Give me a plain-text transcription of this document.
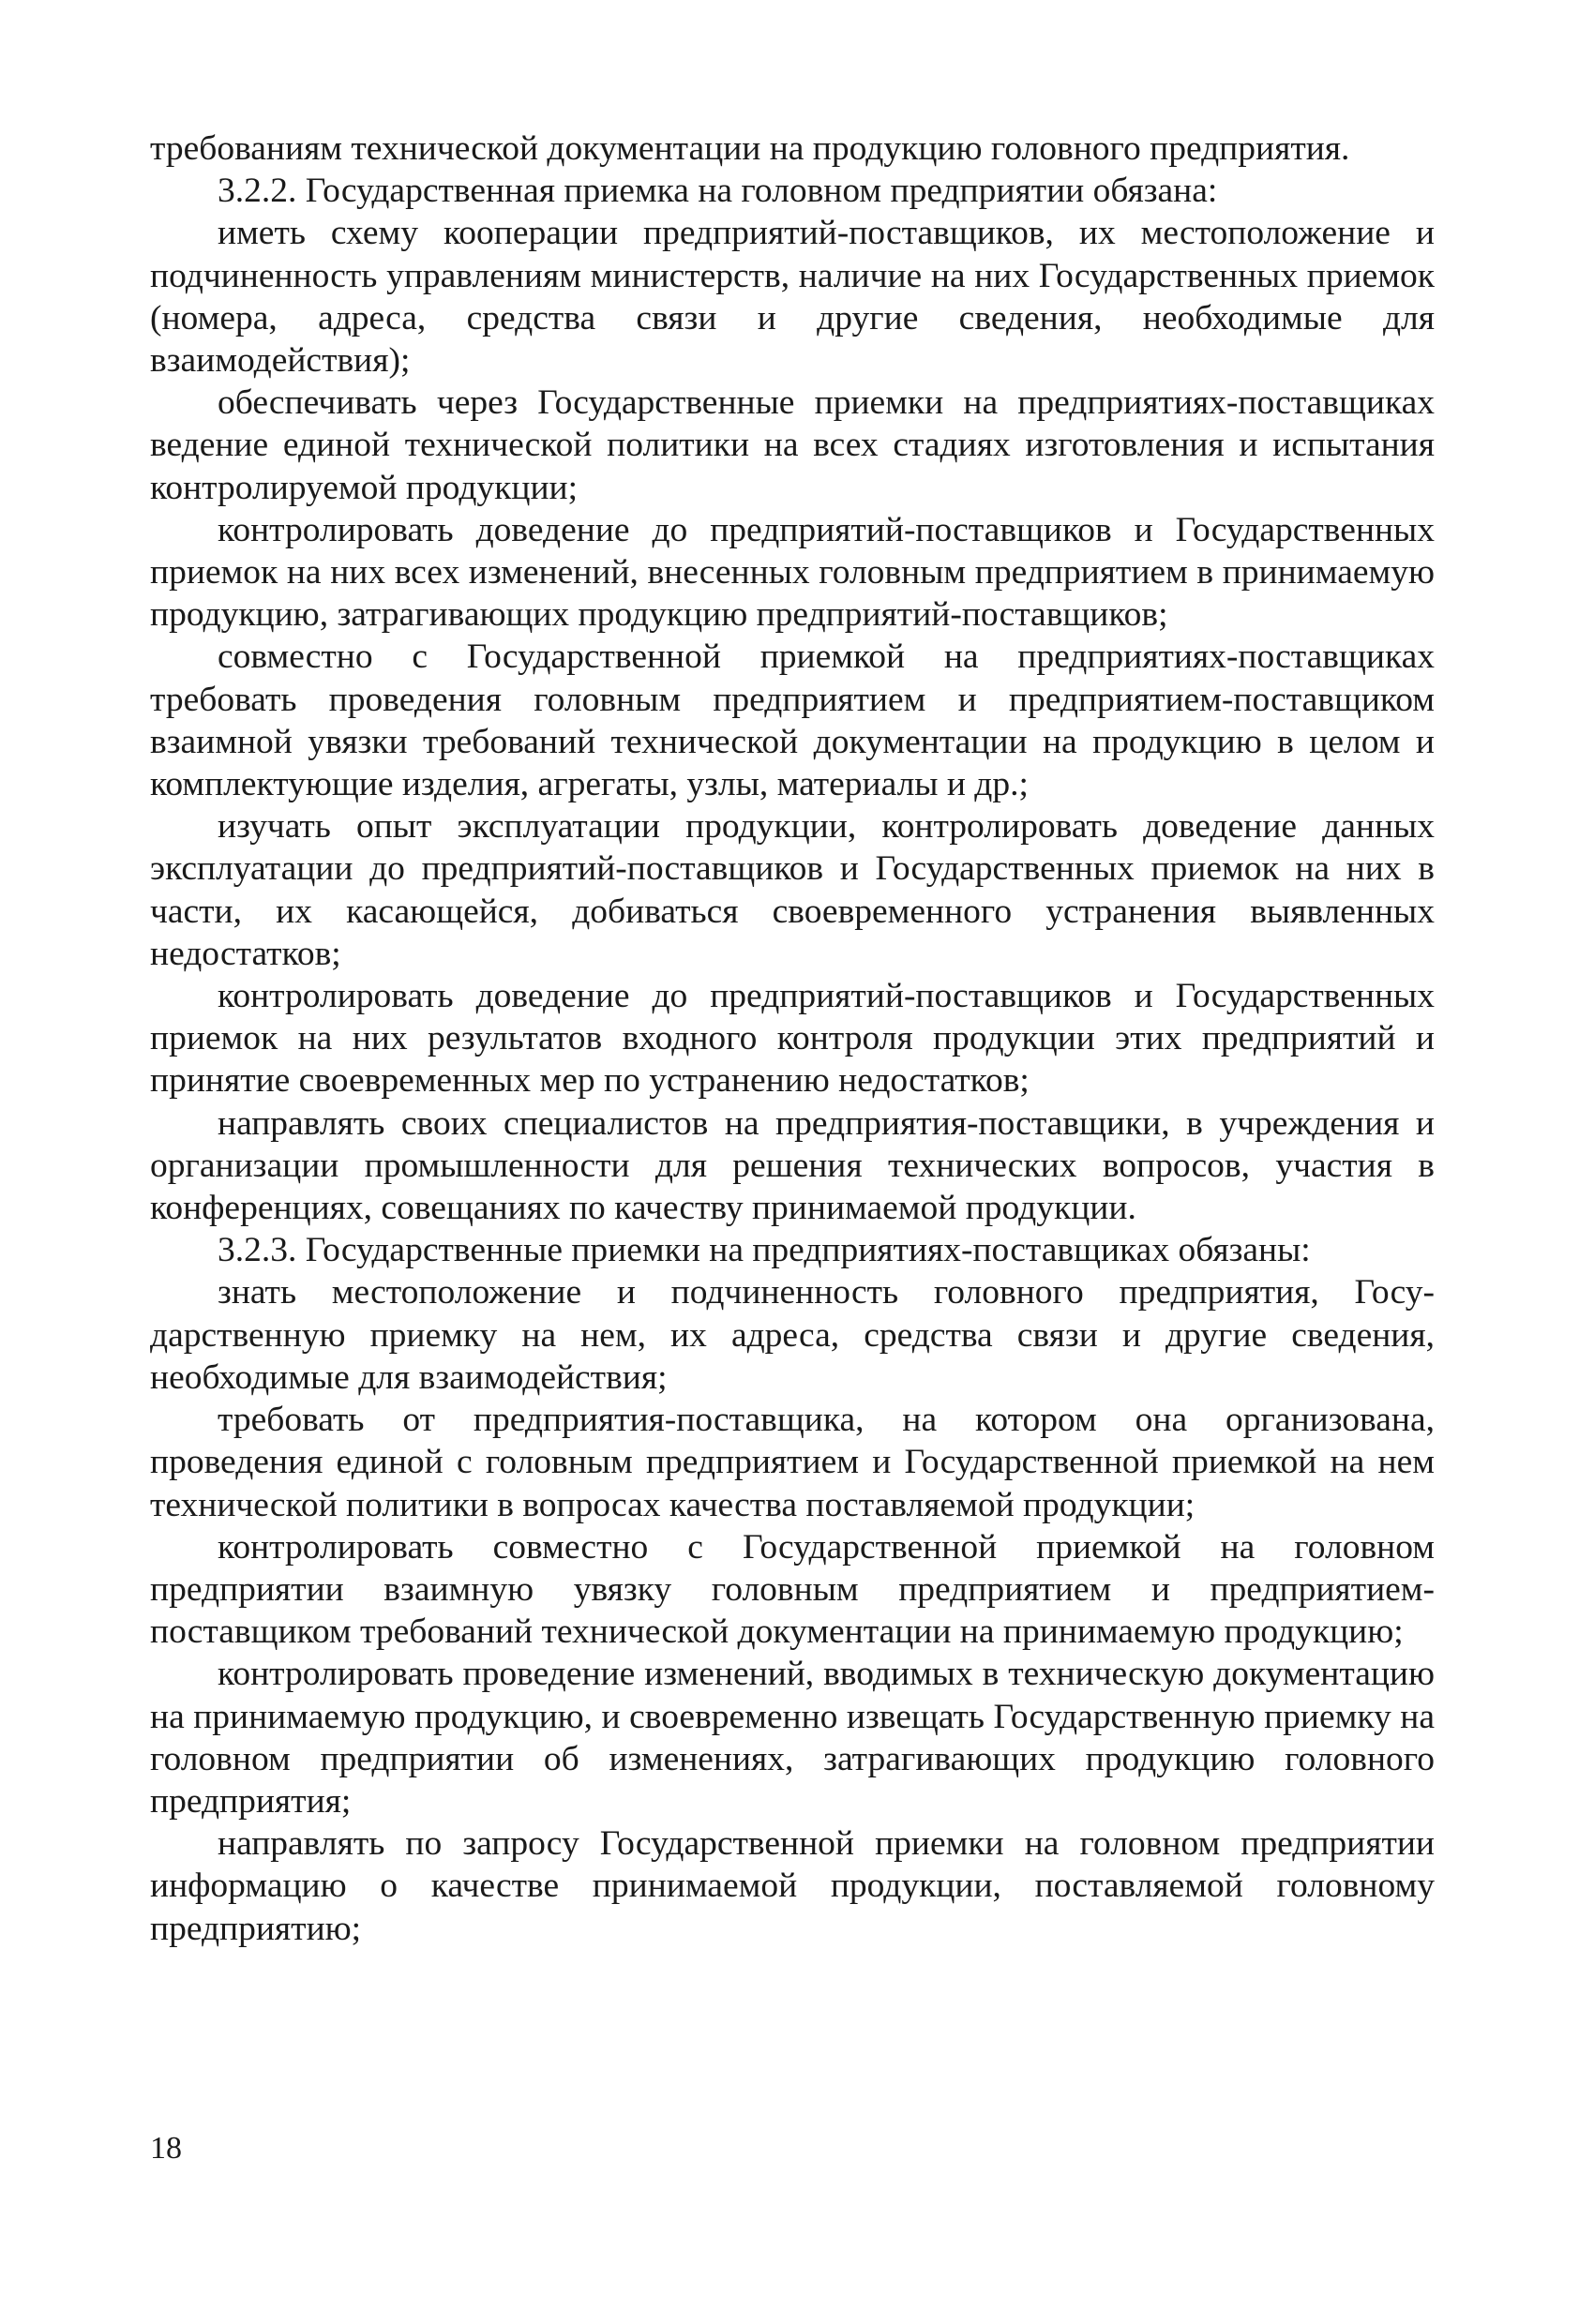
требованиям технической документации на продукцию головного предприятия.

3.2.2. Государственная приемка на головном предприятии обязана:

иметь схему кооперации предприятий-поставщиков, их местоположение и подчиненность управлениям министерств, наличие на них Государственных приемок (номера, адреса, средства связи и другие сведения, необходимые для взаимодействия);

обеспечивать через Государственные приемки на предприятиях-поставщиках ведение единой технической политики на всех стадиях изготовления и испытания контролируемой продукции;

контролировать доведение до предприятий-поставщиков и Государственных приемок на них всех изменений, внесенных головным предприятием в принимаемую продукцию, затрагивающих продукцию предприятий-поставщиков;

совместно с Государственной приемкой на предприятиях-поставщиках требовать проведения головным предприятием и предприятием-поставщиком взаимной увязки требований технической документации на продукцию в целом и комплектующие изделия, агрегаты, узлы, материалы и др.;

изучать опыт эксплуатации продукции, контролировать доведение данных эксплуатации до предприятий-поставщиков и Государственных приемок на них в части, их касающейся, добиваться своевременного устранения выявленных недостатков;

контролировать доведение до предприятий-поставщиков и Государственных приемок на них результатов входного контроля продукции этих предприятий и принятие своевременных мер по устранению недостатков;

направлять своих специалистов на предприятия-поставщики, в учреждения и организации промышленности для решения технических вопросов, участия в конференциях, совещаниях по качеству принимаемой продукции.

3.2.3. Государственные приемки на предприятиях-поставщиках обязаны:

знать местоположение и подчиненность головного предприятия, Государственную приемку на нем, их адреса, средства связи и другие сведения, необходимые для взаимодействия;

требовать от предприятия-поставщика, на котором она организована, проведения единой с головным предприятием и Государственной приемкой на нем технической политики в вопросах качества поставляемой продукции;

контролировать совместно с Государственной приемкой на головном предприятии взаимную увязку головным предприятием и предприятием-поставщиком требований технической документации на принимаемую продукцию;

контролировать проведение изменений, вводимых в техническую документацию на принимаемую продукцию, и своевременно извещать Государственную приемку на головном предприятии об изменениях, затрагивающих продукцию головного предприятия;

направлять по запросу Государственной приемки на головном предприятии информацию о качестве принимаемой продукции, поставляемой головному предприятию;

18
